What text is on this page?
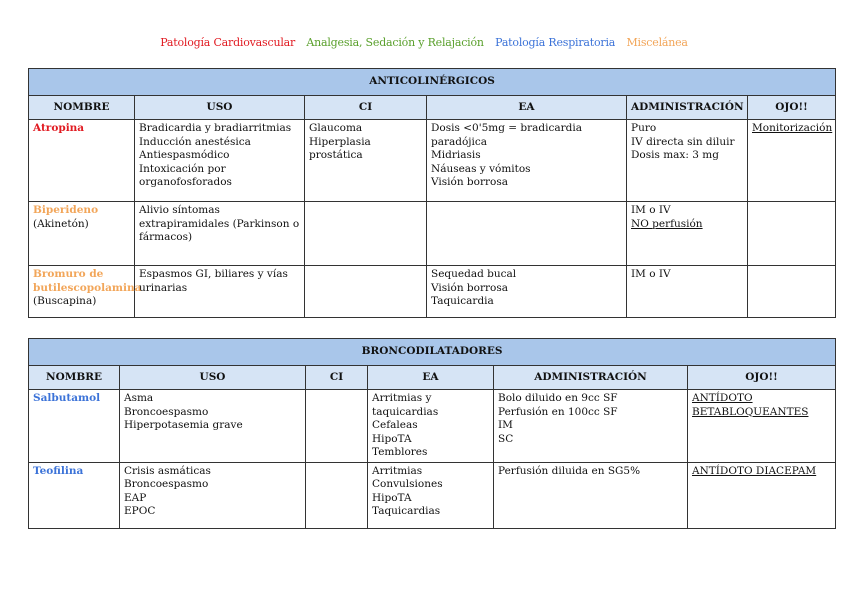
Patología Cardiovascular Analgesia, Sedación y Relajación Patología Respiratoria Miscelánea
ANTICOLINÉRGICOS					
NOMBRE	USO	CI	EA	ADMINISTRACIÓN	OJO!!
Atropina	Bradicardia y bradiarritmias
Inducción anestésica
Antiespasmódico
Intoxicación por organofosforados	Glaucoma
Hiperplasia prostática	Dosis <0'5mg = bradicardia paradójica
Midriasis
Náuseas y vómitos
Visión borrosa	Puro
IV directa sin diluir
Dosis max: 3 mg	Monitorización

Biperideno
(Akinetón)	Alivio síntomas extrapiramidales (Parkinson o fármacos)			IM o IV
NO perfusión	

Bromuro de butilescopolamina
(Buscapina)	Espasmos GI, biliares y vías urinarias		Sequedad bucal
Visión borrosa
Taquicardia	IM o IV	

BRONCODILATADORES					
NOMBRE	USO	CI	EA	ADMINISTRACIÓN	OJO!!
Salbutamol	Asma
Broncoespasmo
Hiperpotasemia grave		Arritmias y taquicardias
Cefaleas
HipoTA
Temblores	Bolo diluido en 9cc SF
Perfusión en 100cc SF
IM
SC	ANTÍDOTO BETABLOQUEANTES
Teofilina	Crisis asmáticas
Broncoespasmo
EAP
EPOC		Arritmias
Convulsiones
HipoTA
Taquicardias	Perfusión diluida en SG5%	ANTÍDOTO DIACEPAM
